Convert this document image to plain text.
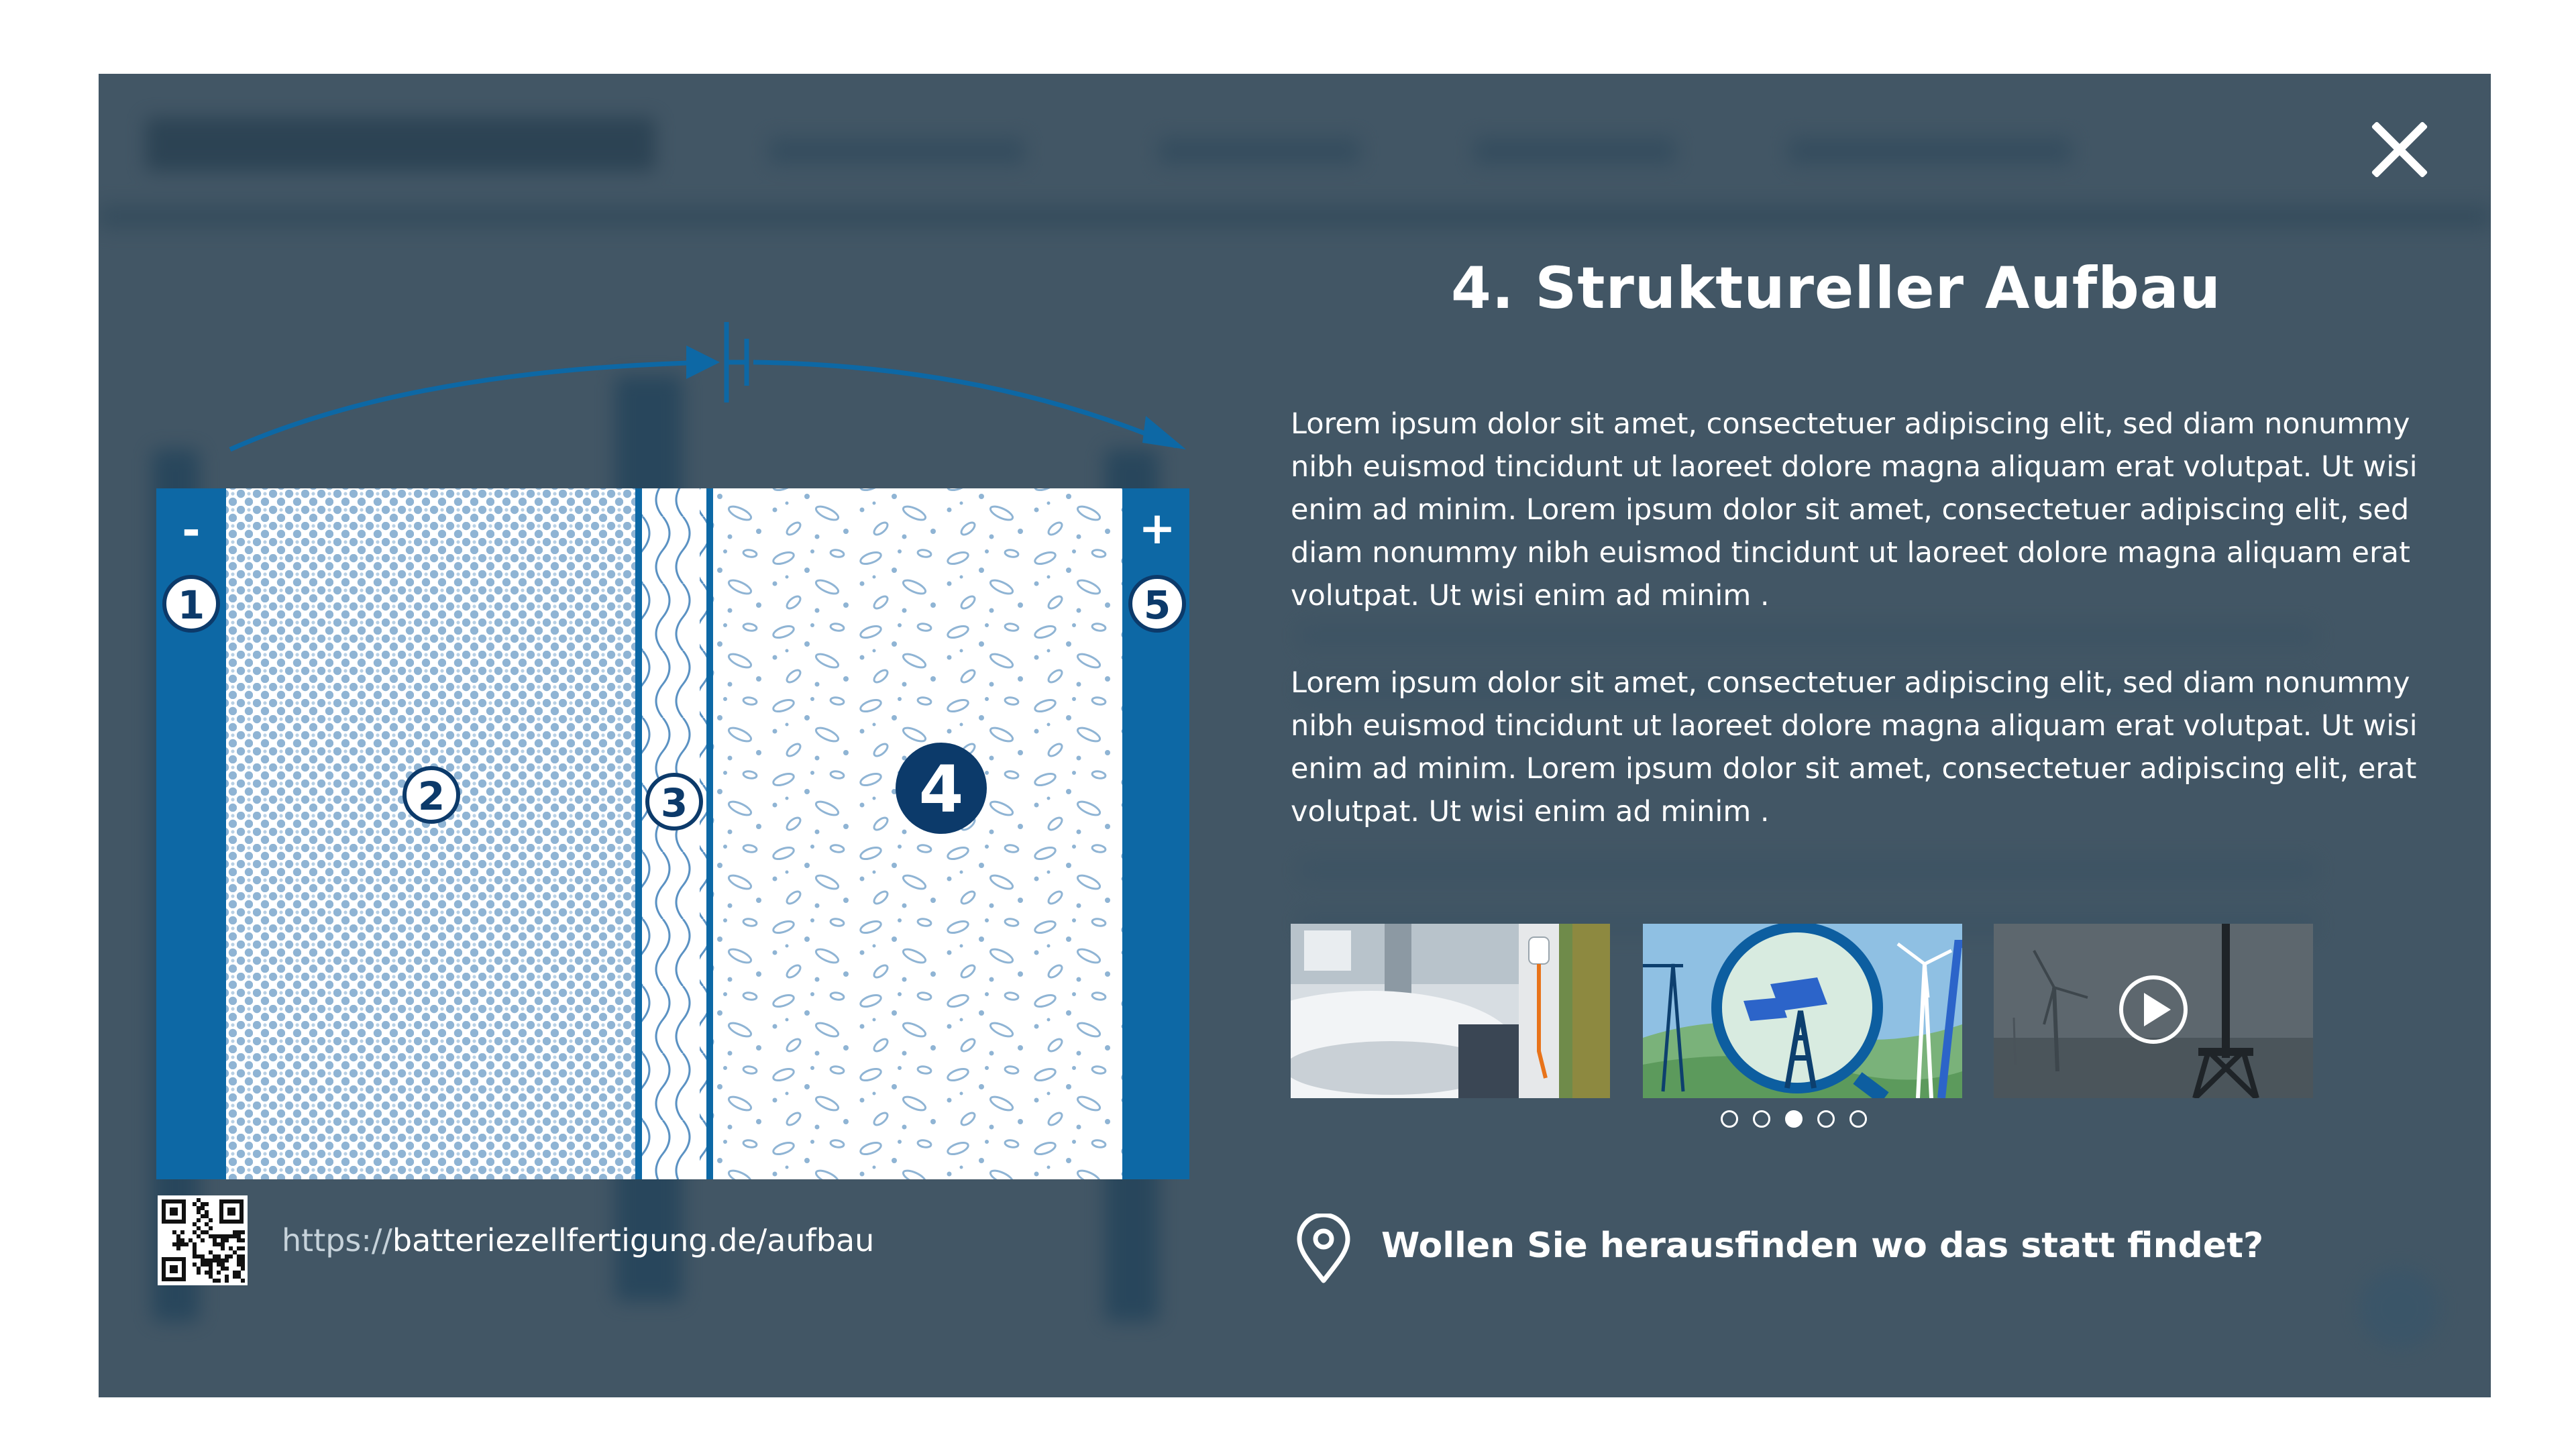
-	+
1
2	3	4
5
4. Struktureller Aufbau

Lorem ipsum dolor sit amet, consectetuer adipiscing elit, sed diam nonummy nibh euismod tincidunt ut laoreet dolore magna aliquam erat volutpat. Ut wisi enim ad minim. Lorem ipsum dolor sit amet, consectetuer adipiscing elit, sed diam nonummy nibh euismod tincidunt ut laoreet dolore magna aliquam erat volutpat. Ut wisi enim ad minim .

Lorem ipsum dolor sit amet, consectetuer adipiscing elit, sed diam nonummy nibh euismod tincidunt ut laoreet dolore magna aliquam erat volutpat. Ut wisi enim ad minim. Lorem ipsum dolor sit amet, consectetuer adipiscing elit, erat volutpat. Ut wisi enim ad minim .

https://batteriezellfertigung.de/aufbau	Wollen Sie herausfinden wo das statt findet?
